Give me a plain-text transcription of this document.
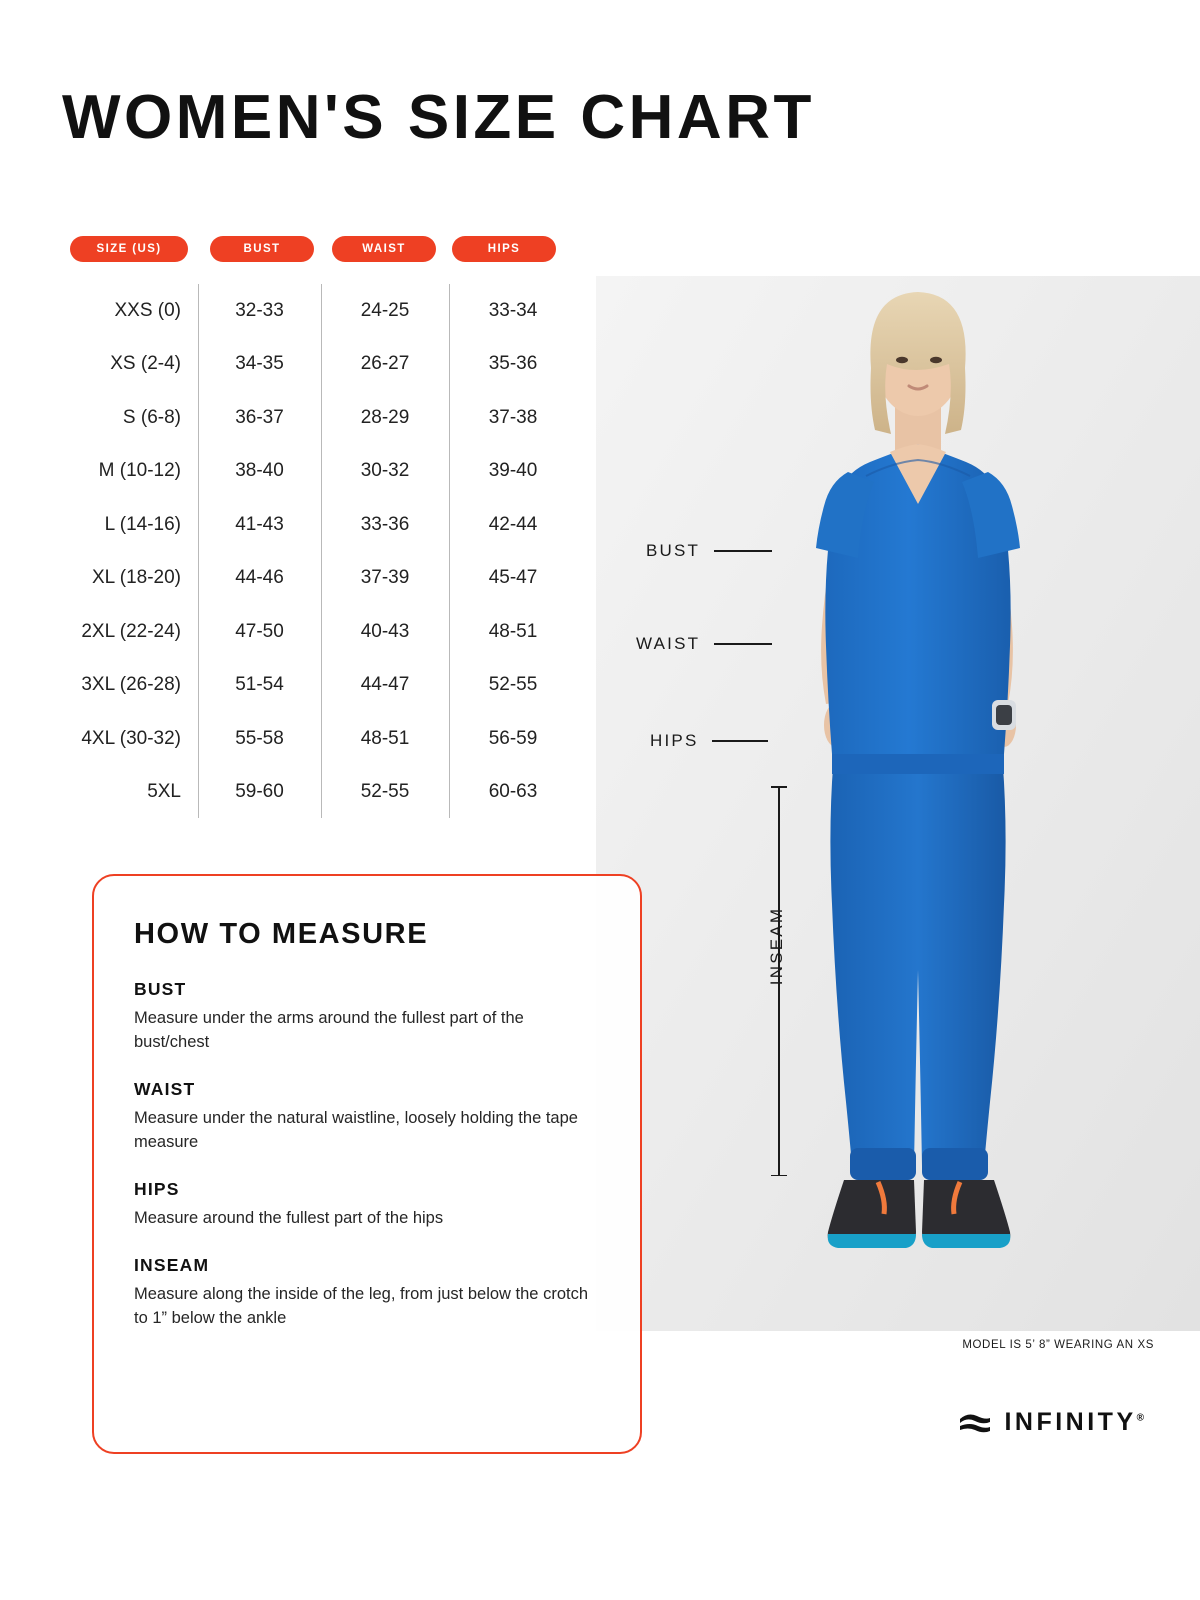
WOMEN'S SIZE CHART
SIZE (US)	BUST	WAIST	HIPS
XXS (0)	32-33	24-25	33-34
XS (2-4)	34-35	26-27	35-36
S (6-8)	36-37	28-29	37-38
M (10-12)	38-40	30-32	39-40
L (14-16)	41-43	33-36	42-44
XL (18-20)	44-46	37-39	45-47
2XL (22-24)	47-50	40-43	48-51
3XL (26-28)	51-54	44-47	52-55
4XL (30-32)	55-58	48-51	56-59
5XL	59-60	52-55	60-63
BUST
WAIST
HIPS
INSEAM
MODEL IS 5’ 8” WEARING AN XS
HOW TO MEASURE
BUST

Measure under the arms around the fullest part of the bust/chest

WAIST

Measure under the natural waistline, loosely holding the tape measure

HIPS

Measure around the fullest part of the hips

INSEAM

Measure along the inside of the leg, from just below the crotch to 1” below the ankle

INFINITY®
